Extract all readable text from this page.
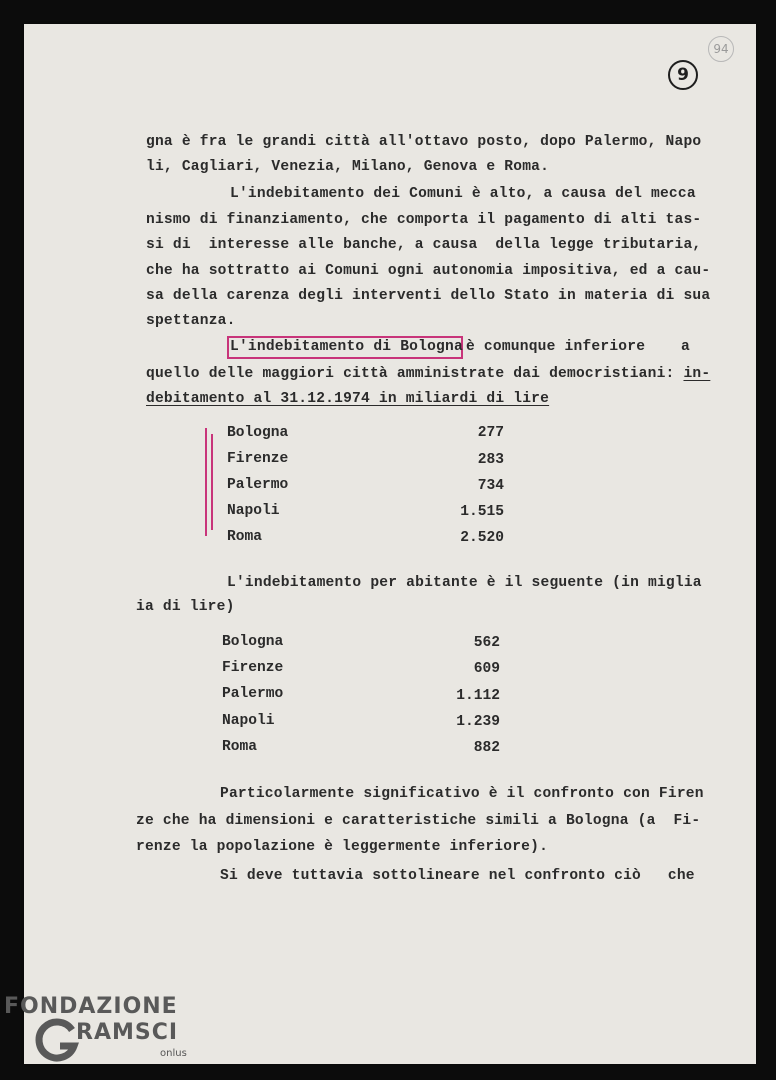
94
9
gna è fra le grandi città all'ottavo posto, dopo Palermo, Napo
li, Cagliari, Venezia, Milano, Genova e Roma.
L'indebitamento dei Comuni è alto, a causa del mecca
nismo di finanziamento, che comporta il pagamento di alti tas-
si di  interesse alle banche, a causa  della legge tributaria,
che ha sottratto ai Comuni ogni autonomia impositiva, ed a cau-
sa della carenza degli interventi dello Stato in materia di sua
spettanza.
L'indebitamento di Bologna è comunque inferiore    a
quello delle maggiori città amministrate dai democristiani: in-
debitamento al 31.12.1974 in miliardi di lire
Bologna	277
Firenze	283
Palermo	734
Napoli	1.515
Roma	2.520
L'indebitamento per abitante è il seguente (in miglia
ia di lire)
Bologna	562
Firenze	609
Palermo	1.112
Napoli	1.239
Roma	882
Particolarmente significativo è il confronto con Firen
ze che ha dimensioni e caratteristiche simili a Bologna (a  Fi-
renze la popolazione è leggermente inferiore).
Si deve tuttavia sottolineare nel confronto ciò   che
FONDAZIONE
RAMSCI
onlus
